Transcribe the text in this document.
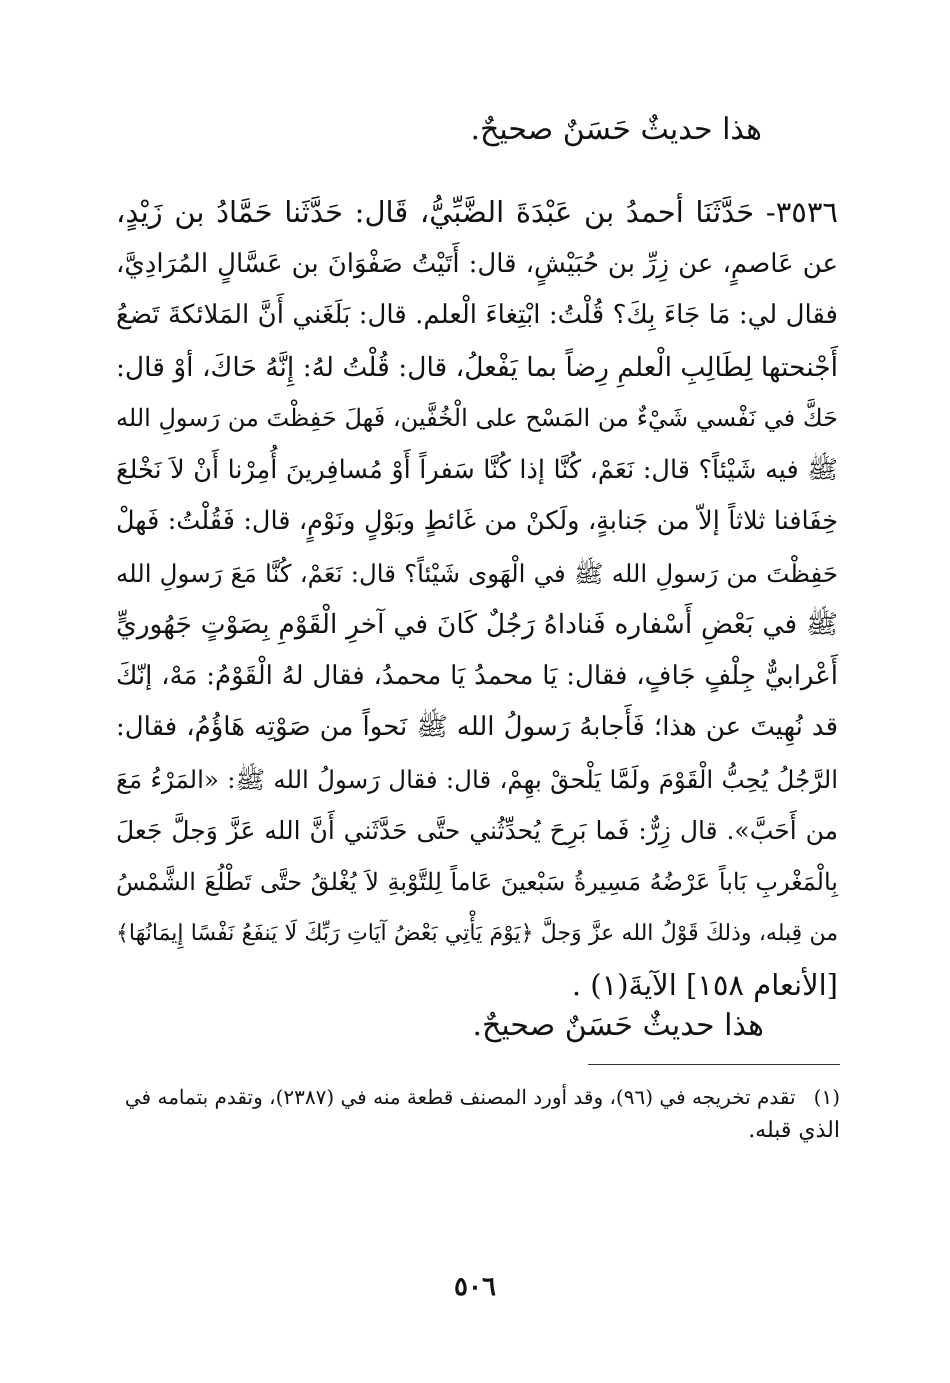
هذا حديثٌ حَسَنٌ صحيحٌ.
٣٥٣٦- حَدَّثَنَا أحمدُ بن عَبْدَةَ الضَّبِّيُّ، قَال: حَدَّثَنا حَمَّادُ بن زَيْدٍ،
عن عَاصمٍ، عن زِرِّ بن حُبَيْشٍ، قال: أَتَيْتُ صَفْوَانَ بن عَسَّالٍ المُرَادِيَّ،
فقال لي: مَا جَاءَ بِكَ؟ قُلْتُ: ابْتِغاءَ الْعلم. قال: بَلَغَني أَنَّ المَلائكةَ تَضعُ
أَجْنحتها لِطَالِبِ الْعلمِ رِضاً بما يَفْعلُ، قال: قُلْتُ لهُ: إِنَّهُ حَاكَ، أوْ قال:
حَكَّ في نَفْسي شَيْءٌ من المَسْح على الْخُفَّين، فَهلَ حَفِظْتَ من رَسولِ الله
ﷺ فيه شَيْئاً؟ قال: نَعَمْ، كُنَّا إذا كُنَّا سَفراً أَوْ مُسافِرينَ أُمِرْنا أَنْ لاَ نَخْلعَ
خِفَافنا ثلاثاً إلاّ من جَنابةٍ، ولَكنْ من غَائطٍ وبَوْلٍ ونَوْمٍ، قال: فَقُلْتُ: فَهلْ
حَفِظْتَ من رَسولِ الله ﷺ في الْهَوى شَيْئاً؟ قال: نَعَمْ، كُنَّا مَعَ رَسولِ الله
ﷺ في بَعْضِ أَسْفاره فَناداهُ رَجُلٌ كَانَ في آخرِ الْقَوْمِ بِصَوْتٍ جَهُوريٍّ
أَعْرابيٌّ جِلْفٍ جَافٍ، فقال: يَا محمدُ يَا محمدُ، فقال لهُ الْقَوْمُ: مَهْ، إنّكَ
قد نُهِيتَ عن هذا؛ فَأَجابهُ رَسولُ الله ﷺ نَحواً من صَوْتِه هَاؤُمُ، فقال:
الرَّجُلُ يُحِبُّ الْقَوْمَ ولَمَّا يَلْحقْ بهِمْ، قال: فقال رَسولُ الله ﷺ: «المَرْءُ مَعَ
من أَحَبَّ». قال زِرٌّ: فَما بَرِحَ يُحدِّثُني حتَّى حَدَّثَني أَنَّ الله عَزَّ وَجلَّ جَعلَ
بِالْمَغْربِ بَاباً عَرْضُهُ مَسِيرةُ سَبْعينَ عَاماً لِلتَّوْبةِ لاَ يُغْلقُ حتَّى تَطْلُعَ الشَّمْسُ
من قِبله، وذلكَ قَوْلُ الله عزَّ وَجلَّ ﴿يَوْمَ يَأْتِي بَعْضُ آيَاتِ رَبِّكَ لَا يَنفَعُ نَفْسًا إِيمَانُهَا﴾
[الأنعام ١٥٨] الآيةَ(١) .
هذا حديثٌ حَسَنٌ صحيحٌ.
(١)تقدم تخريجه في (٩٦)، وقد أورد المصنف قطعة منه في (٢٣٨٧)، وتقدم بتمامه في
الذي قبله.
٥٠٦
